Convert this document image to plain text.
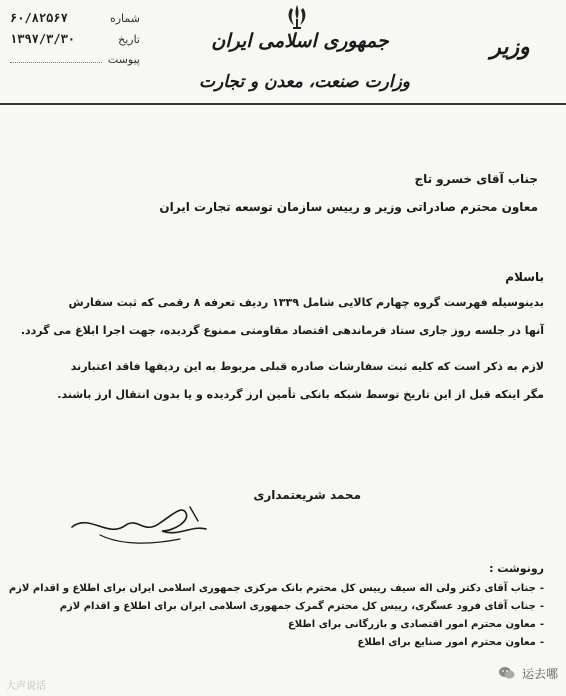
۶۰/۸۲۵۶۷	شماره
۱۳۹۷/۳/۳۰	تاریخ
پیوست
جمهوری اسلامی ایران
وزارت صنعت، معدن و تجارت
وزیر
جناب آقای خسرو تاج
معاون محترم صادراتی وزیر و رییس سازمان توسعه تجارت ایران
باسلام
بدینوسیله فهرست گروه چهارم کالایی شامل ۱۳۳۹ ردیف تعرفه ۸ رقمی که ثبت سفارش
آنها در جلسه روز جاری ستاد فرماندهی اقتصاد مقاومتی ممنوع گردیده، جهت اجرا ابلاغ می گردد.
لازم به ذکر است که کلیه ثبت سفارشات صادره قبلی مربوط به این ردیفها فاقد اعتبارند
مگر اینکه قبل از این تاریخ توسط شبکه بانکی تأمین ارز گردیده و یا بدون انتقال ارز باشند.
محمد شریعتمداری
رونوشت :
-جناب آقای دکتر ولی اله سیف رییس کل محترم بانک مرکزی جمهوری اسلامی ایران برای اطلاع و اقدام لازم
-جناب آقای فرود عسگری، رییس کل محترم گمرک جمهوری اسلامی ایران برای اطلاع و اقدام لازم
-معاون محترم امور اقتصادی و بازرگانی برای اطلاع
-معاون محترم امور صنایع برای اطلاع
大声说话
运去哪
